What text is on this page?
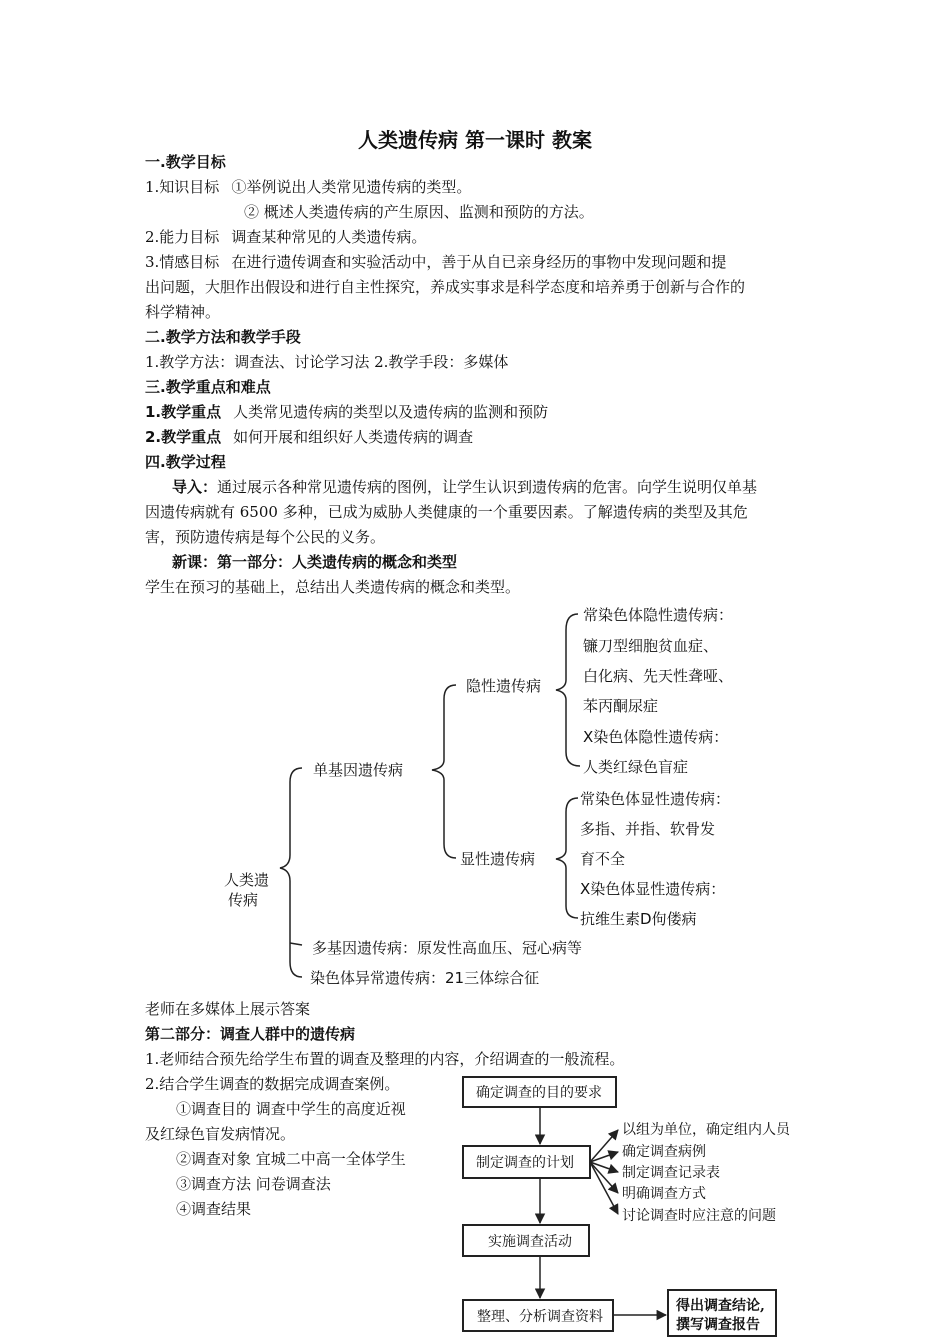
人类遗传病 第一课时 教案
一.教学目标
1.知识目标 ①举例说出人类常见遗传病的类型。
② 概述人类遗传病的产生原因、监测和预防的方法。
2.能力目标 调查某种常见的人类遗传病。
3.情感目标 在进行遗传调查和实验活动中，善于从自已亲身经历的事物中发现问题和提
出问题，大胆作出假设和进行自主性探究，养成实事求是科学态度和培养勇于创新与合作的
科学精神。
二.教学方法和教学手段
1.教学方法：调查法、讨论学习法 2.教学手段：多媒体
三.教学重点和难点
1.教学重点 人类常见遗传病的类型以及遗传病的监测和预防
2.教学重点 如何开展和组织好人类遗传病的调查
四.教学过程
导入：通过展示各种常见遗传病的图例，让学生认识到遗传病的危害。向学生说明仅单基
因遗传病就有 6500 多种，已成为威胁人类健康的一个重要因素。了解遗传病的类型及其危
害，预防遗传病是每个公民的义务。
新课：第一部分：人类遗传病的概念和类型
学生在预习的基础上，总结出人类遗传病的概念和类型。
人类遗
传病
单基因遗传病
隐性遗传病
显性遗传病
常染色体隐性遗传病：
镰刀型细胞贫血症、
白化病、先天性聋哑、
苯丙酮尿症
X染色体隐性遗传病：
人类红绿色盲症
常染色体显性遗传病：
多指、并指、软骨发
育不全
X染色体显性遗传病：
抗维生素D佝偻病
多基因遗传病：原发性高血压、冠心病等
染色体异常遗传病：21三体综合征
老师在多媒体上展示答案
第二部分：调查人群中的遗传病
1.老师结合预先给学生布置的调查及整理的内容，介绍调查的一般流程。
2.结合学生调查的数据完成调查案例。
①调查目的 调查中学生的高度近视
及红绿色盲发病情况。
②调查对象 宜城二中高一全体学生
③调查方法 问卷调查法
④调查结果
确定调查的目的要求
制定调查的计划
实施调查活动
整理、分析调查资料
以组为单位，确定组内人员
确定调查病例
制定调查记录表
明确调查方式
讨论调查时应注意的问题
得出调查结论,
撰写调查报告
